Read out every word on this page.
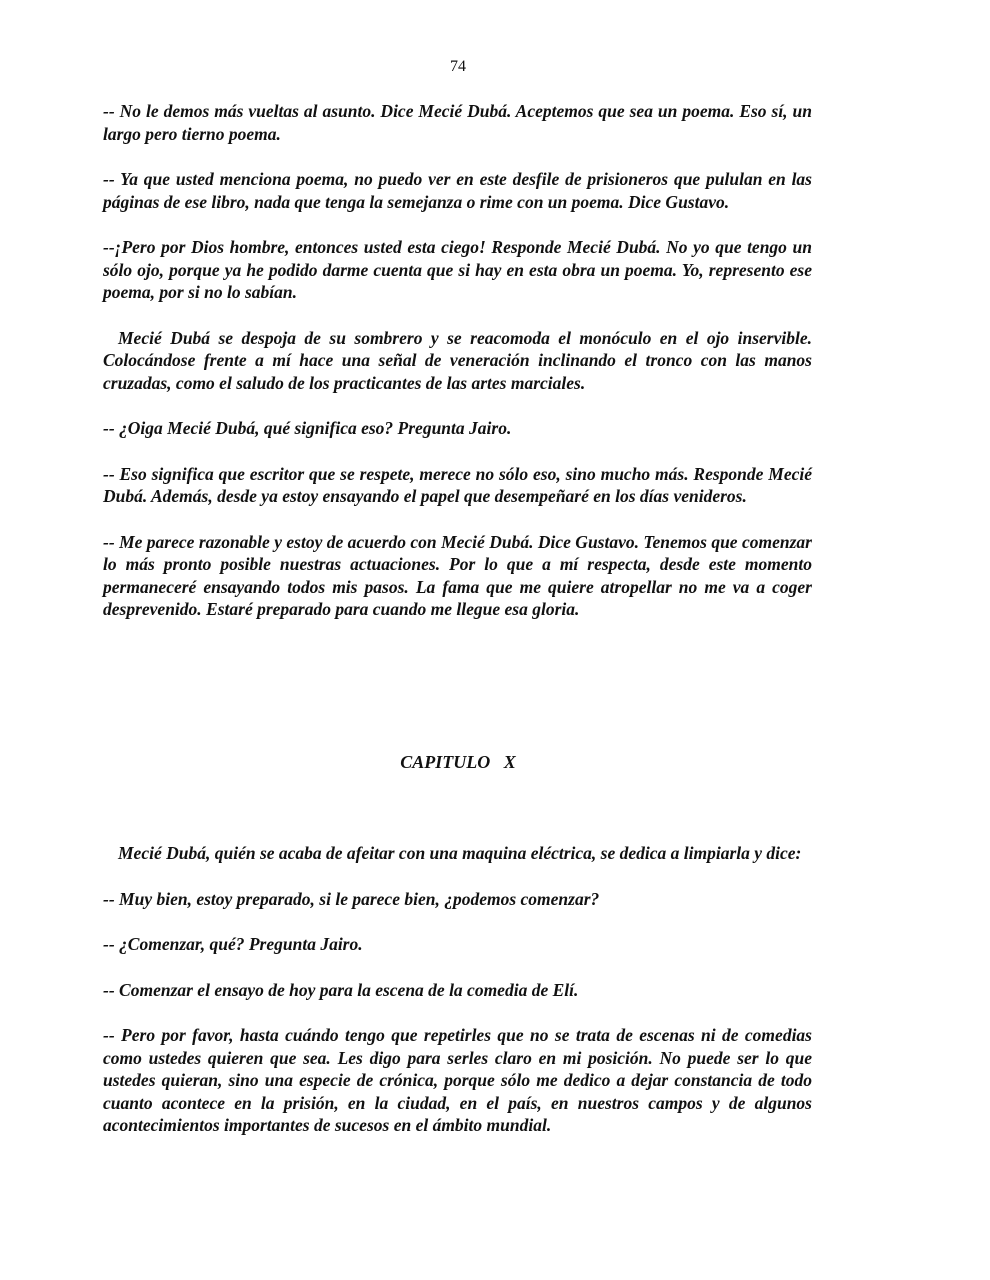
74

-- No le demos más vueltas al asunto. Dice Mecié Dubá. Aceptemos que sea un poema. Eso sí, un largo pero tierno poema.

-- Ya que usted menciona poema, no puedo ver en este desfile de prisioneros que pululan en las páginas de ese libro, nada que tenga la semejanza o rime con un poema. Dice Gustavo.

--¡Pero por Dios hombre, entonces usted esta ciego! Responde Mecié Dubá. No yo que tengo un sólo ojo, porque ya he podido darme cuenta que si hay en esta obra un poema. Yo, represento ese poema, por si no lo sabían.

Mecié Dubá se despoja de su sombrero y se reacomoda el monóculo en el ojo inservible. Colocándose frente a mí hace una señal de veneración inclinando el tronco con las manos cruzadas, como el saludo de los practicantes de las artes marciales.

-- ¿Oiga Mecié Dubá, qué significa eso? Pregunta Jairo.

-- Eso significa que escritor que se respete, merece no sólo eso, sino mucho más. Responde Mecié Dubá. Además, desde ya estoy ensayando el papel que desempeñaré en los días venideros.

-- Me parece razonable y estoy de acuerdo con Mecié Dubá. Dice Gustavo. Tenemos que comenzar lo más pronto posible nuestras actuaciones. Por lo que a mí respecta, desde este momento permaneceré ensayando todos mis pasos. La fama que me quiere atropellar no me va a coger desprevenido. Estaré preparado para cuando me llegue esa gloria.

CAPITULO   X

Mecié Dubá, quién se acaba de afeitar con una maquina eléctrica, se dedica a limpiarla y dice:

-- Muy bien, estoy preparado, si le parece bien, ¿podemos comenzar?

-- ¿Comenzar, qué? Pregunta Jairo.

-- Comenzar el ensayo de hoy para la escena de la comedia de Elí.

-- Pero por favor, hasta cuándo tengo que repetirles que no se trata de escenas ni de comedias como ustedes quieren que sea. Les digo para serles claro en mi posición. No puede ser lo que ustedes quieran, sino una especie de crónica, porque sólo me dedico a dejar constancia de todo cuanto acontece en la prisión, en la ciudad, en el país, en nuestros campos y de algunos acontecimientos importantes de sucesos en el ámbito mundial.
